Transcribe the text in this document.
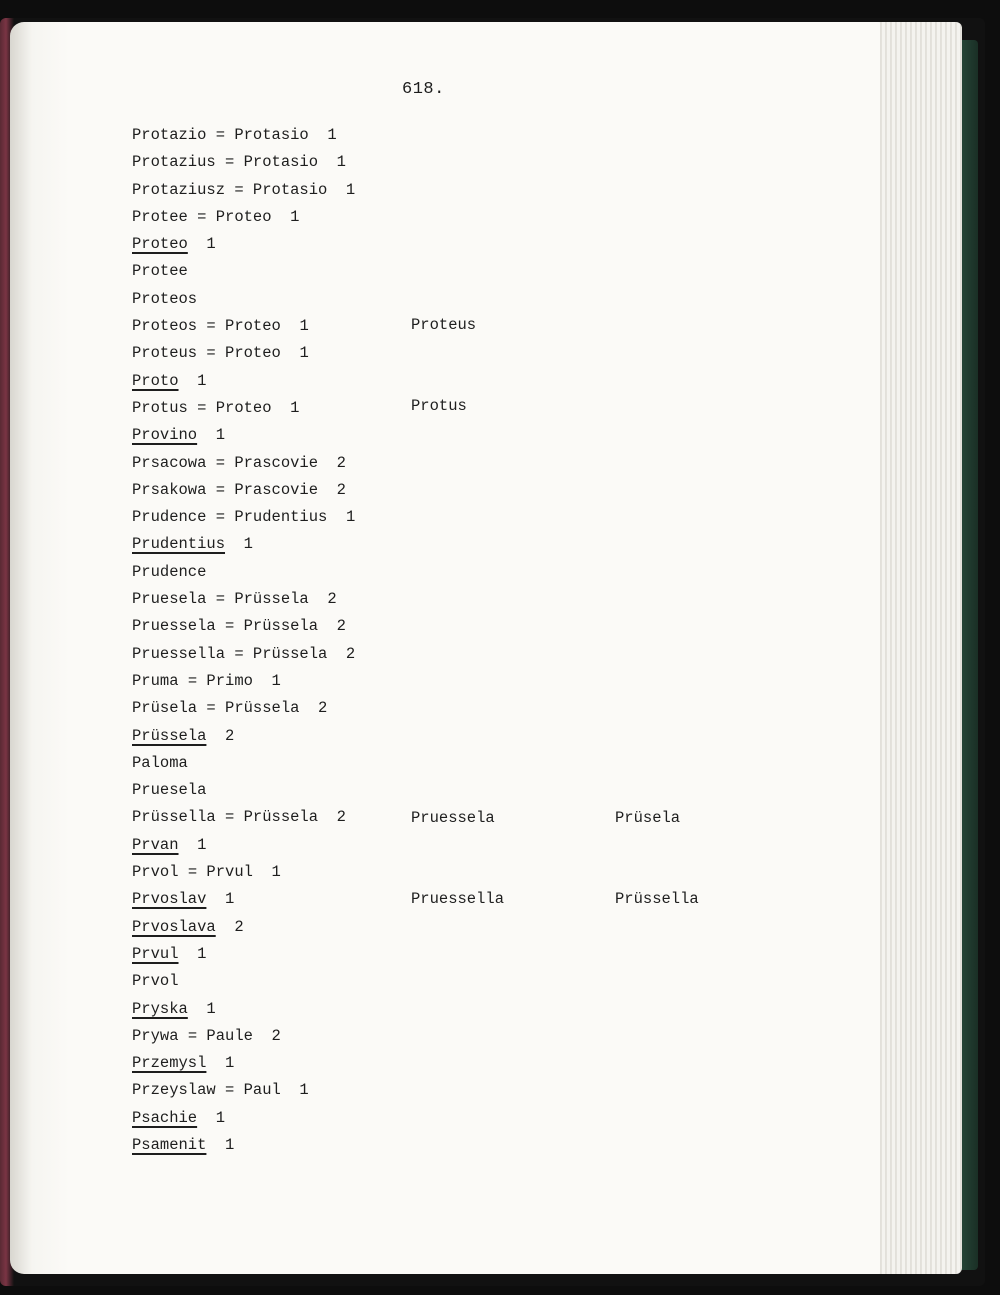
618.
Protazio = Protasio  1
Protazius = Protasio  1
Protaziusz = Protasio  1
Protee = Proteo  1
Proteo  1
Protee
Proteos
Proteos = Proteo  1
Proteus = Proteo  1
Proto  1
Protus = Proteo  1
Provino  1
Prsacowa = Prascovie  2
Prsakowa = Prascovie  2
Prudence = Prudentius  1
Prudentius  1
Prudence
Pruesela = Prüssela  2
Pruessela = Prüssela  2
Pruessella = Prüssela  2
Pruma = Primo  1
Prüsela = Prüssela  2
Prüssela  2
Paloma
Pruesela
Prüssella = Prüssela  2
Prvan  1
Prvol = Prvul  1
Prvoslav  1
Prvoslava  2
Prvul  1
Prvol
Pryska  1
Prywa = Paule  2
Przemysl  1
Przeyslaw = Paul  1
Psachie  1
Psamenit  1

Proteus

Protus

Pruessela

Pruessella

Prüsela

Prüssella
